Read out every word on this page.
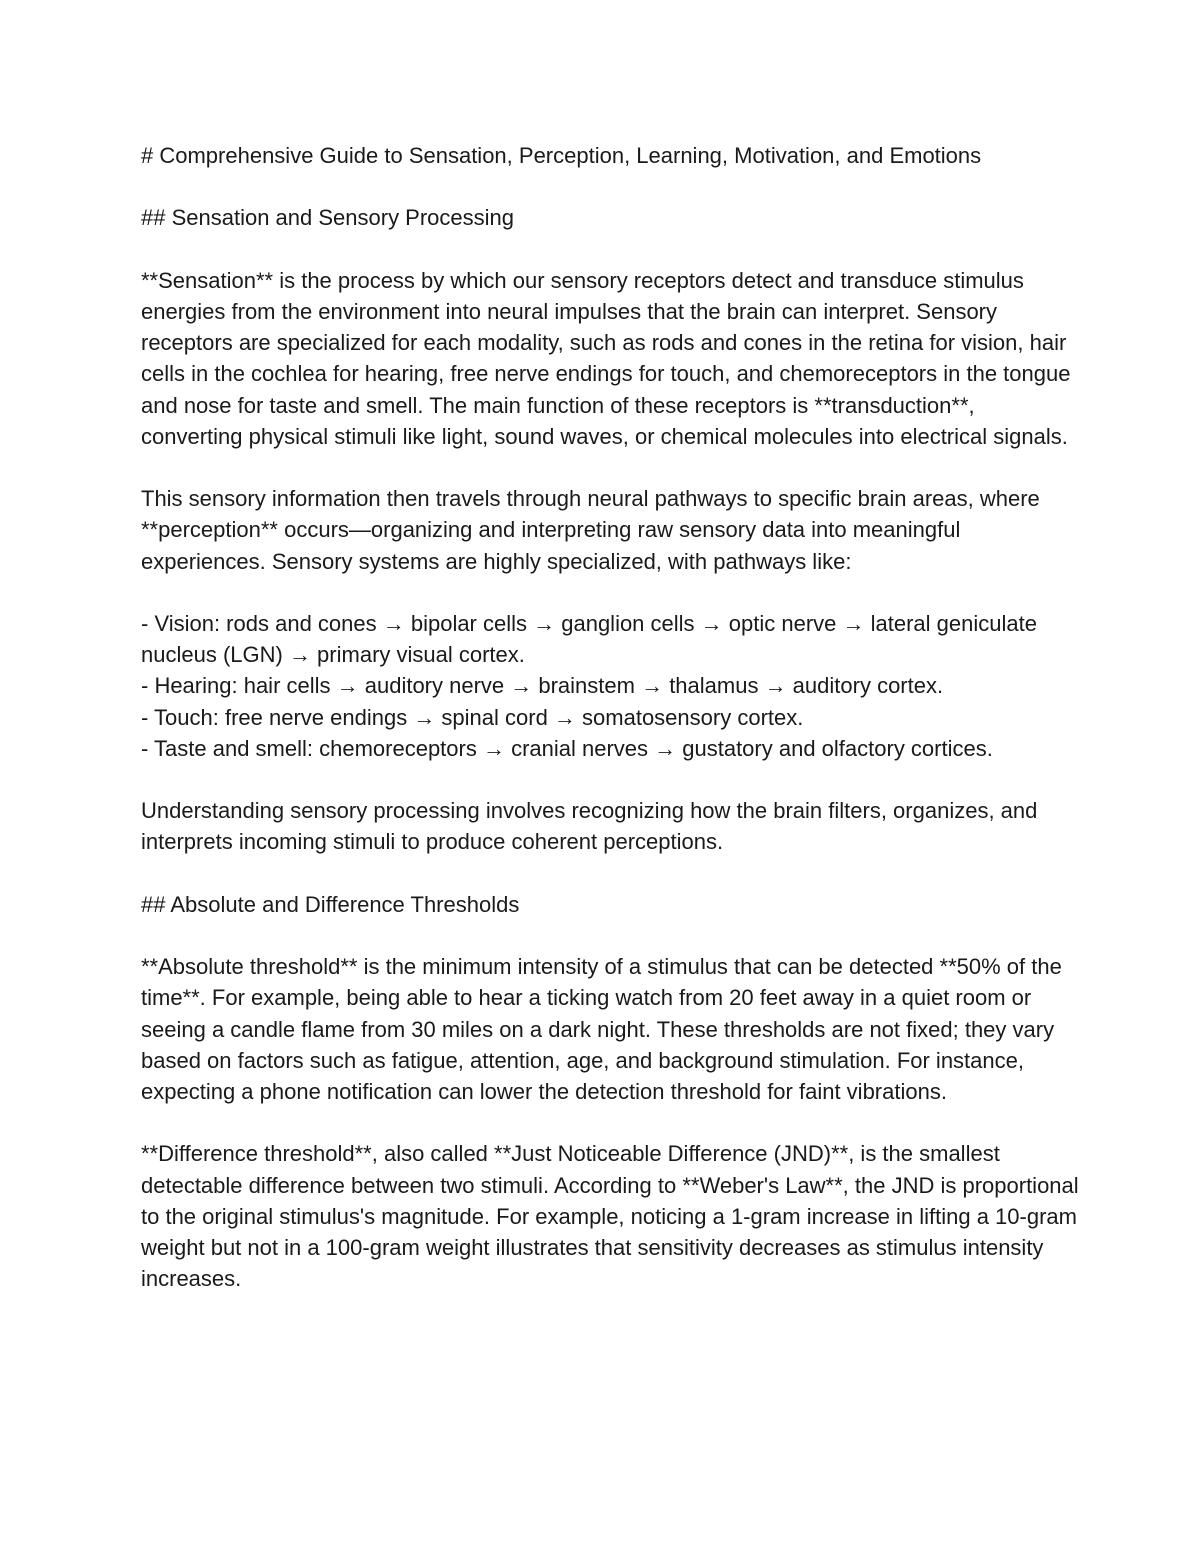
# Comprehensive Guide to Sensation, Perception, Learning, Motivation, and Emotions

## Sensation and Sensory Processing

**Sensation** is the process by which our sensory receptors detect and transduce stimulus energies from the environment into neural impulses that the brain can interpret. Sensory receptors are specialized for each modality, such as rods and cones in the retina for vision, hair cells in the cochlea for hearing, free nerve endings for touch, and chemoreceptors in the tongue and nose for taste and smell. The main function of these receptors is **transduction**, converting physical stimuli like light, sound waves, or chemical molecules into electrical signals.

This sensory information then travels through neural pathways to specific brain areas, where **perception** occurs—organizing and interpreting raw sensory data into meaningful experiences. Sensory systems are highly specialized, with pathways like:

- Vision: rods and cones → bipolar cells → ganglion cells → optic nerve → lateral geniculate nucleus (LGN) → primary visual cortex.
- Hearing: hair cells → auditory nerve → brainstem → thalamus → auditory cortex.
- Touch: free nerve endings → spinal cord → somatosensory cortex.
- Taste and smell: chemoreceptors → cranial nerves → gustatory and olfactory cortices.

Understanding sensory processing involves recognizing how the brain filters, organizes, and interprets incoming stimuli to produce coherent perceptions.

## Absolute and Difference Thresholds

**Absolute threshold** is the minimum intensity of a stimulus that can be detected **50% of the time**. For example, being able to hear a ticking watch from 20 feet away in a quiet room or seeing a candle flame from 30 miles on a dark night. These thresholds are not fixed; they vary based on factors such as fatigue, attention, age, and background stimulation. For instance, expecting a phone notification can lower the detection threshold for faint vibrations.

**Difference threshold**, also called **Just Noticeable Difference (JND)**, is the smallest detectable difference between two stimuli. According to **Weber's Law**, the JND is proportional to the original stimulus's magnitude. For example, noticing a 1-gram increase in lifting a 10-gram weight but not in a 100-gram weight illustrates that sensitivity decreases as stimulus intensity increases.
